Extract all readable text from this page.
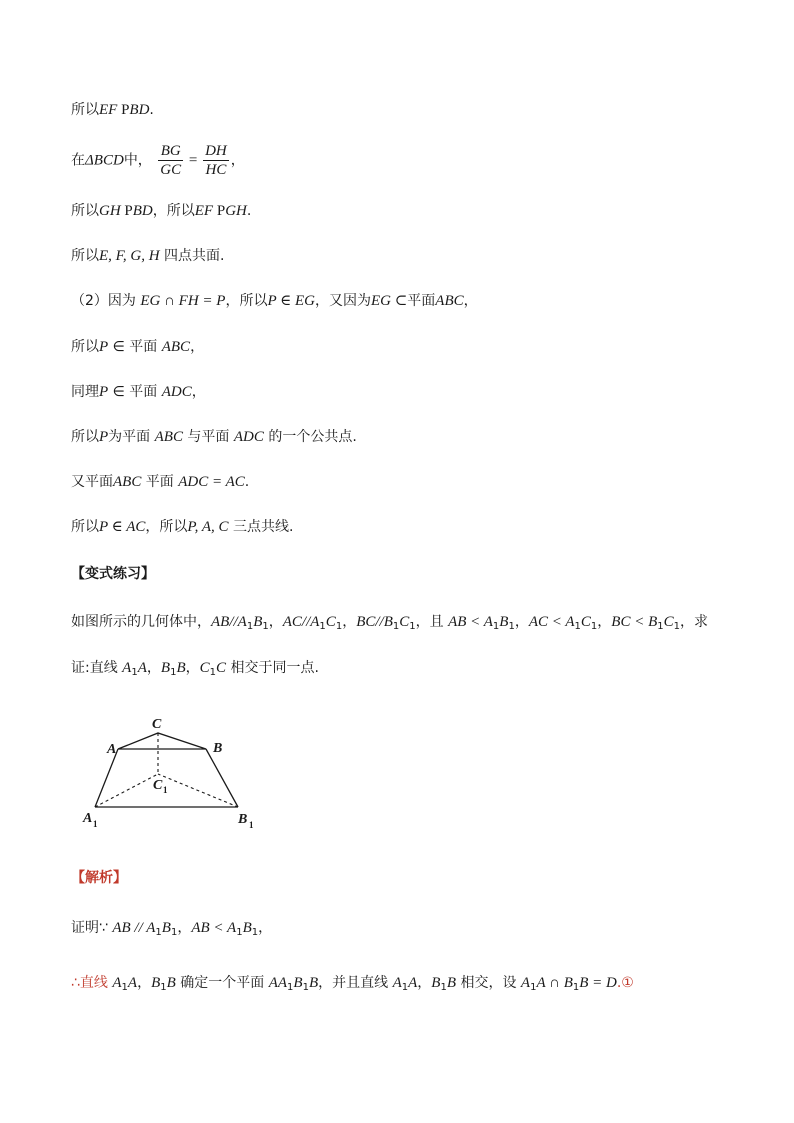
所以EF PBD.
在ΔBCD中， $\frac{BG}{GC} = \frac{DH}{HC}$ ，
所以GH PBD，所以EF PGH.
所以E, F, G, H 四点共面.
（2）因为 EG ∩ FH = P，所以P ∈ EG，又因为EG ⊂平面ABC，
所以P ∈ 平面 ABC，
同理P ∈ 平面 ADC，
所以P为平面 ABC 与平面 ADC 的一个公共点.
又平面ABC 平面 ADC = AC.
所以P ∈ AC，所以P, A, C 三点共线.
【变式练习】
如图所示的几何体中，$AB//A_1B_1$，$AC//A_1C_1$，$BC//B_1C_1$，且 AB < $A_1B_1$，AC < $A_1C_1$，BC < $B_1C_1$，求
证:直线 $A_1A$，$B_1B$，$C_1C$ 相交于同一点.
C
A	B
C 1
A 1	B 1
【解析】
证明∵ AB // $A_1B_1$，AB < $A_1B_1$，
∴直线 $A_1A$，$B_1B$ 确定一个平面 $AA_1B_1B$，并且直线 $A_1A$，$B_1B$ 相交，设 $A_1A$ ∩ $B_1B$ = D.①
